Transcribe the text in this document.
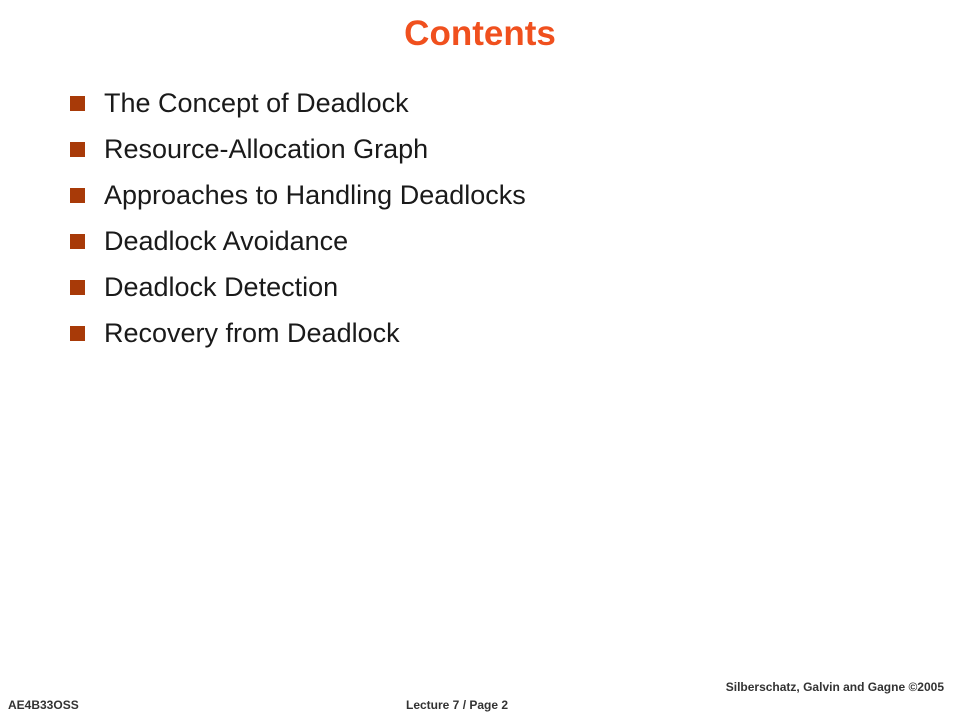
Contents
The Concept of Deadlock
Resource-Allocation Graph
Approaches to Handling Deadlocks
Deadlock Avoidance
Deadlock Detection
Recovery from Deadlock
AE4B33OSS	Lecture 7 / Page 2
Silberschatz, Galvin and Gagne ©2005
